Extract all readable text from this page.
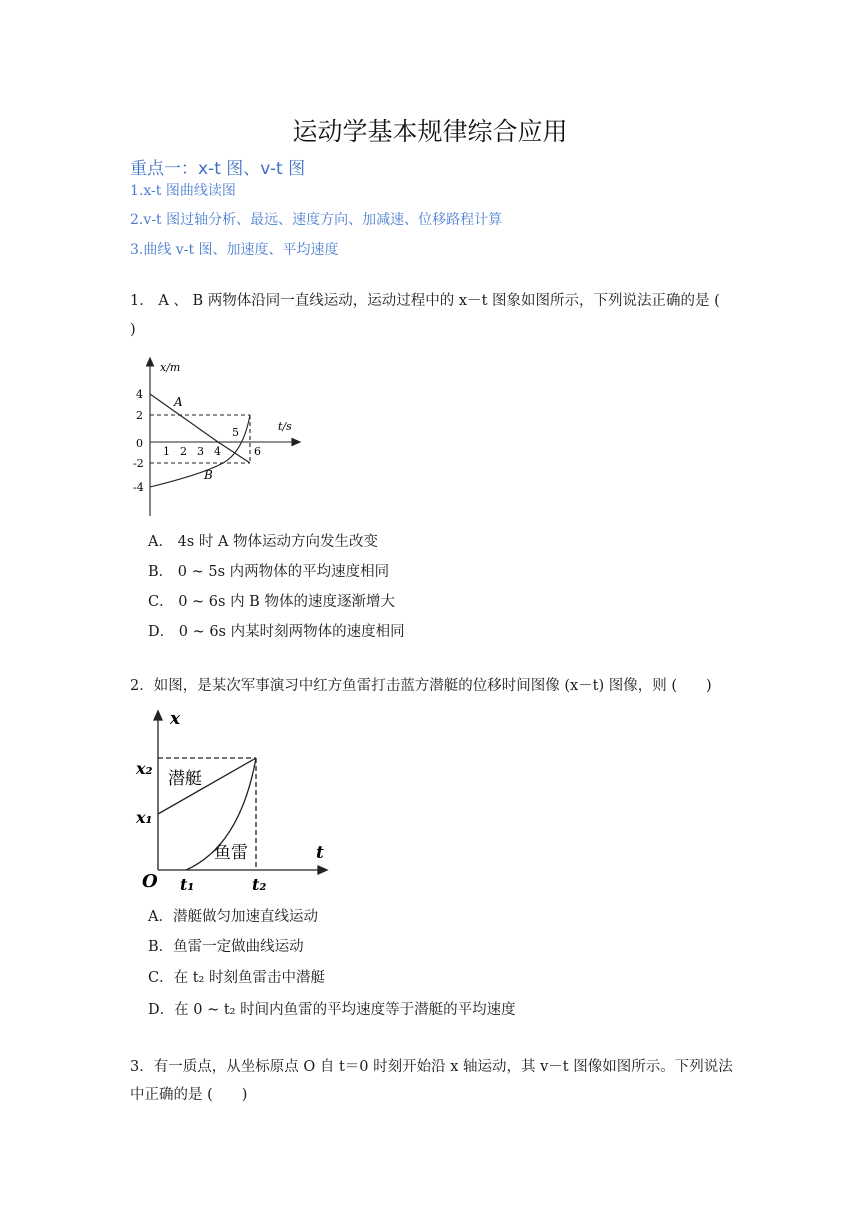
运动学基本规律综合应用
重点一：x-t 图、v-t 图
1.x-t 图曲线读图
2.v-t 图过轴分析、最远、速度方向、加减速、位移路程计算
3.曲线 v-t 图、加速度、平均速度
1． A 、 B 两物体沿同一直线运动，运动过程中的 x－t 图象如图所示，下列说法正确的是 (
)
x/m
t/s
4
2
0
-2
-4
1 2 3 4
5
6
A
B
A． 4s 时 A 物体运动方向发生改变
B． 0 ~ 5s 内两物体的平均速度相同
C． 0 ~ 6s 内 B 物体的速度逐渐增大
D． 0 ~ 6s 内某时刻两物体的速度相同
2．如图，是某次军事演习中红方鱼雷打击蓝方潜艇的位移时间图像 (x－t) 图像，则 (　　)
x
t
O
x₂
x₁
t₁	t₂
潜艇
鱼雷
A．潜艇做匀加速直线运动
B．鱼雷一定做曲线运动
C．在 t₂ 时刻鱼雷击中潜艇
D．在 0 ~ t₂ 时间内鱼雷的平均速度等于潜艇的平均速度
3．有一质点，从坐标原点 O 自 t＝0 时刻开始沿 x 轴运动，其 v－t 图像如图所示。下列说法
中正确的是 (　　)
